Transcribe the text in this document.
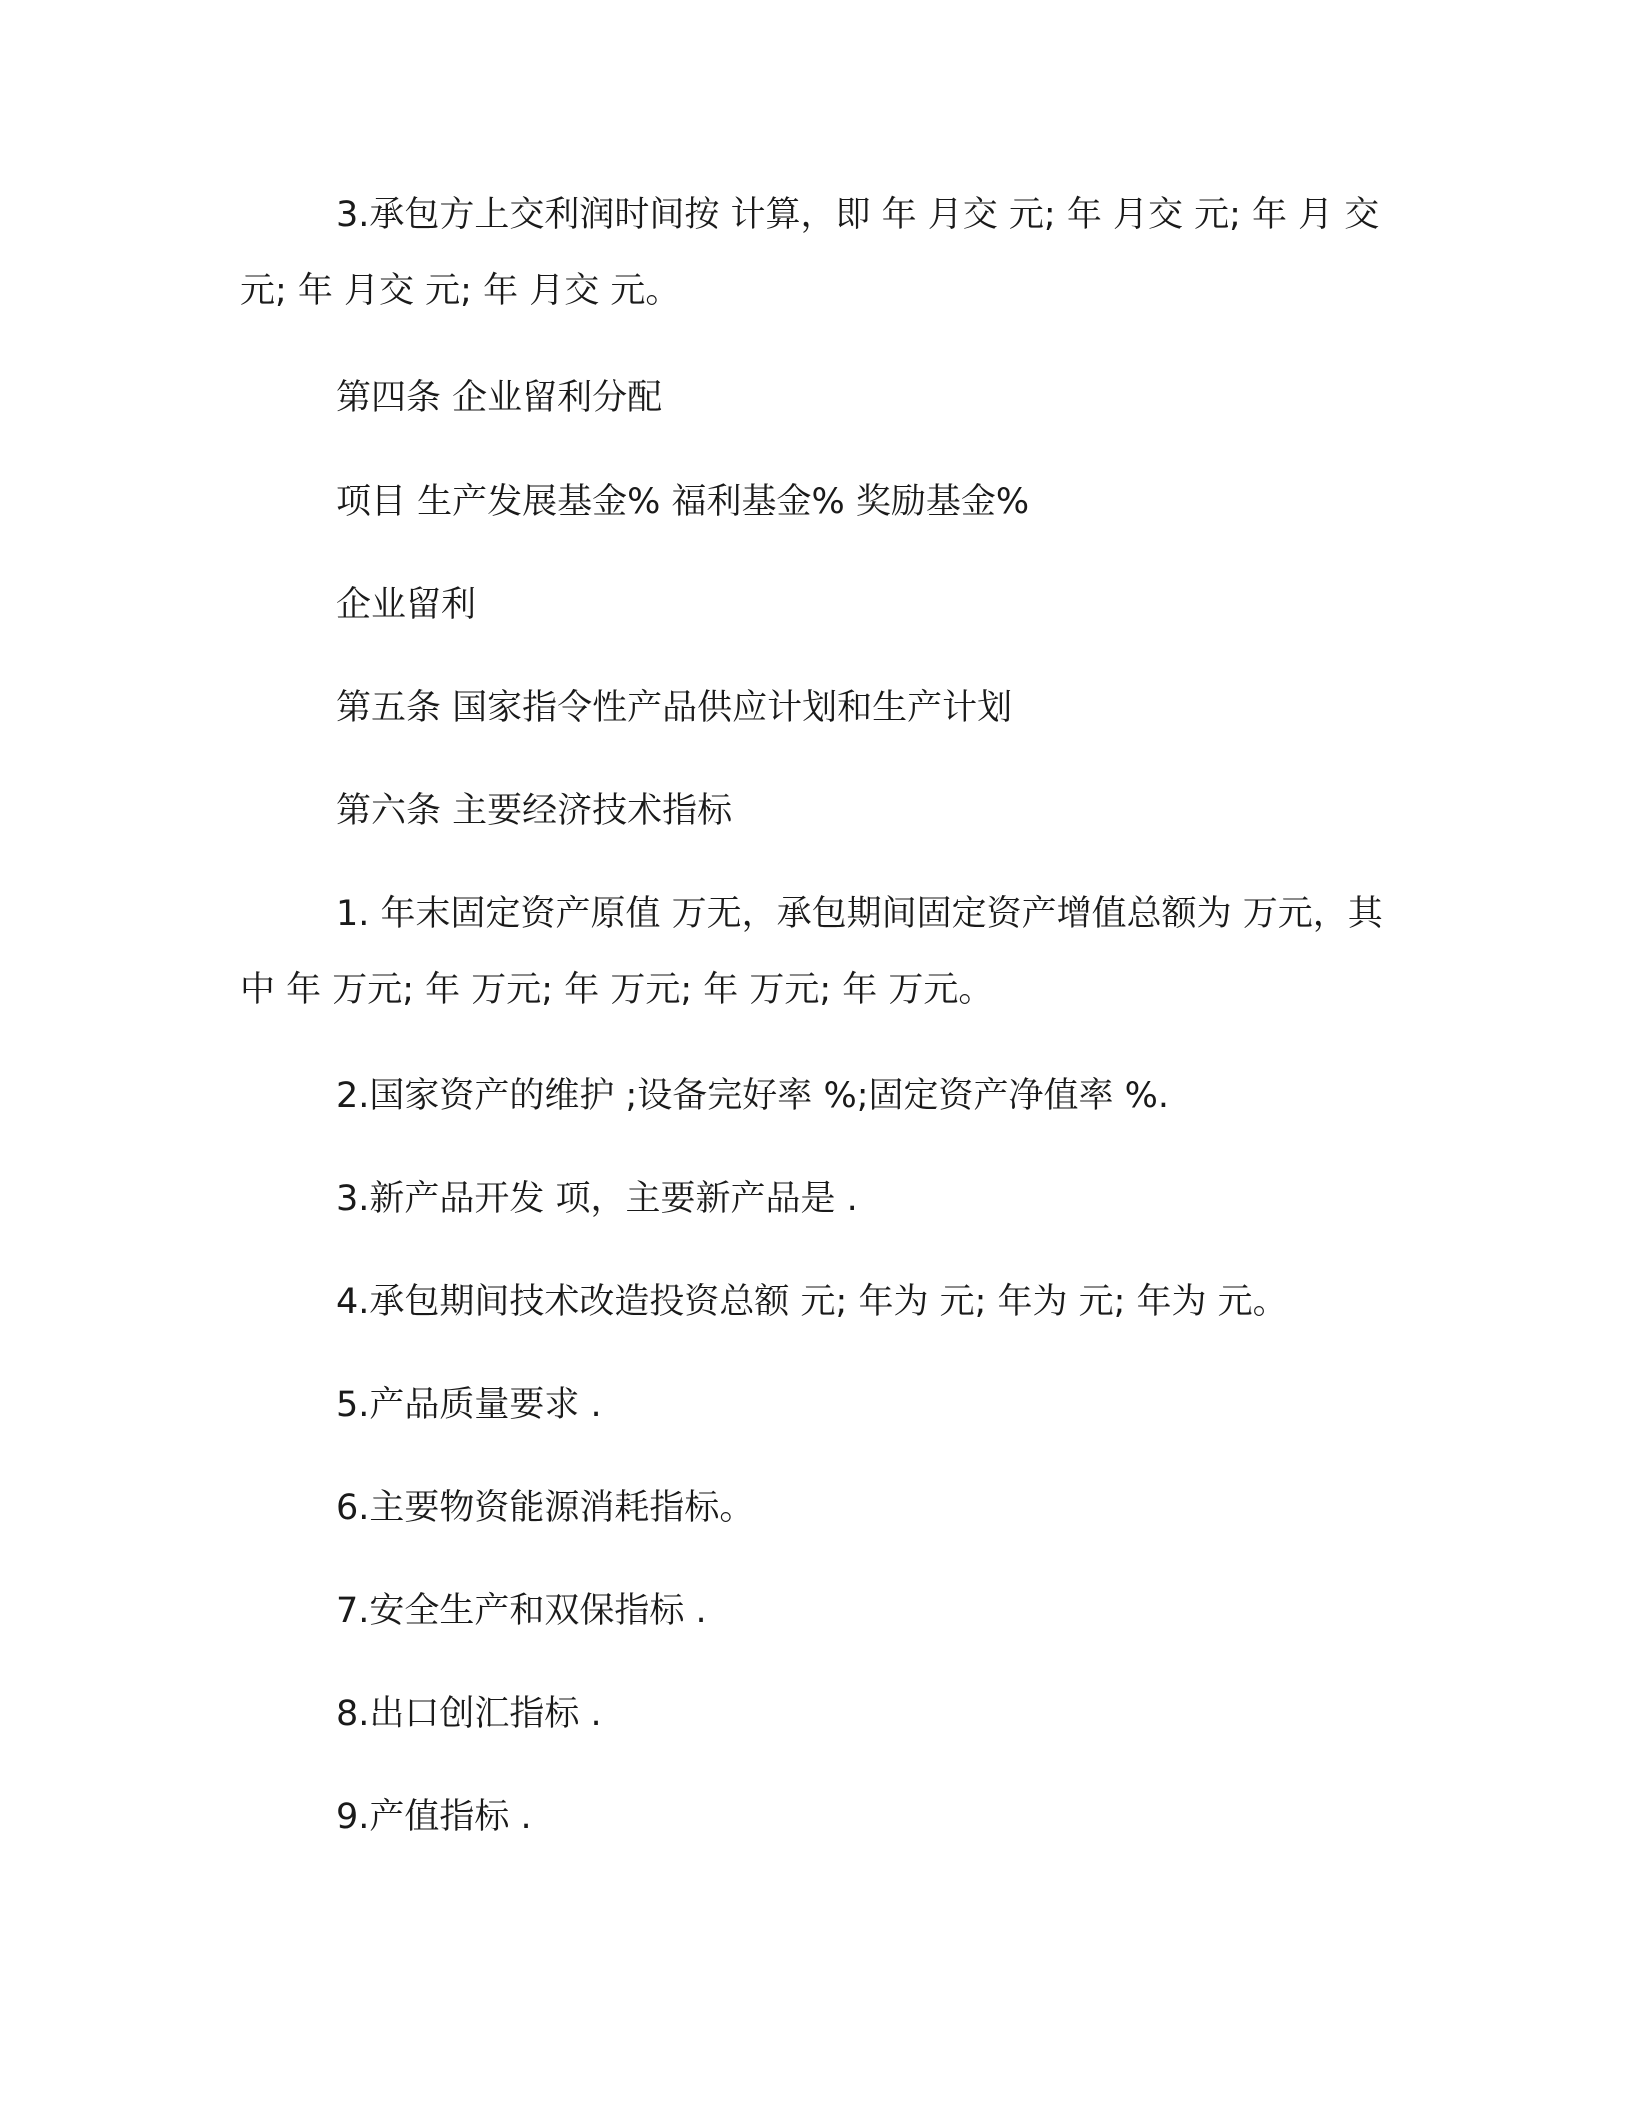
3.承包方上交利润时间按 计算，即 年 月交 元; 年 月交 元; 年 月 交 元; 年 月交 元; 年 月交 元。

第四条 企业留利分配

项目 生产发展基金% 福利基金% 奖励基金%

企业留利

第五条 国家指令性产品供应计划和生产计划

第六条 主要经济技术指标

1. 年末固定资产原值 万无，承包期间固定资产增值总额为 万元，其中 年 万元; 年 万元; 年 万元; 年 万元; 年 万元。

2.国家资产的维护 ;设备完好率 %;固定资产净值率 %.

3.新产品开发 项，主要新产品是 .

4.承包期间技术改造投资总额 元; 年为 元; 年为 元; 年为 元。

5.产品质量要求 .

6.主要物资能源消耗指标。

7.安全生产和双保指标 .

8.出口创汇指标 .

9.产值指标 .
